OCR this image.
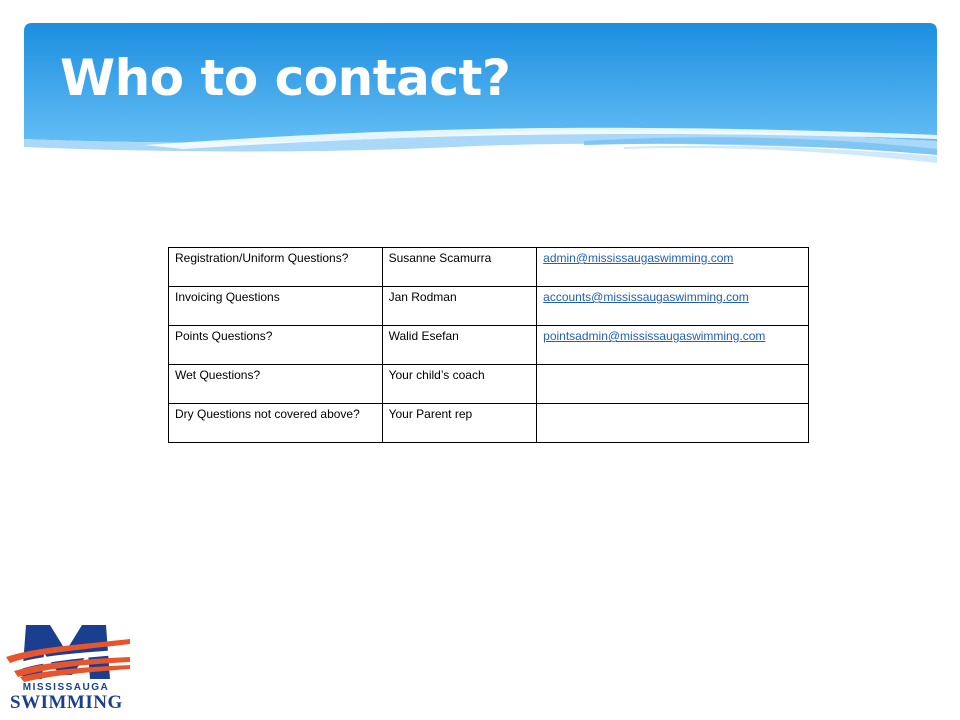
Who to contact?
Registration/Uniform Questions?	Susanne Scamurra	admin@mississaugaswimming.com
Invoicing Questions	Jan Rodman	accounts@mississaugaswimming.com
Points Questions?	Walid Esefan	pointsadmin@mississaugaswimming.com
Wet Questions?	Your child’s coach	
Dry Questions not covered above?	Your Parent rep	
MISSISSAUGA
SWIMMING
